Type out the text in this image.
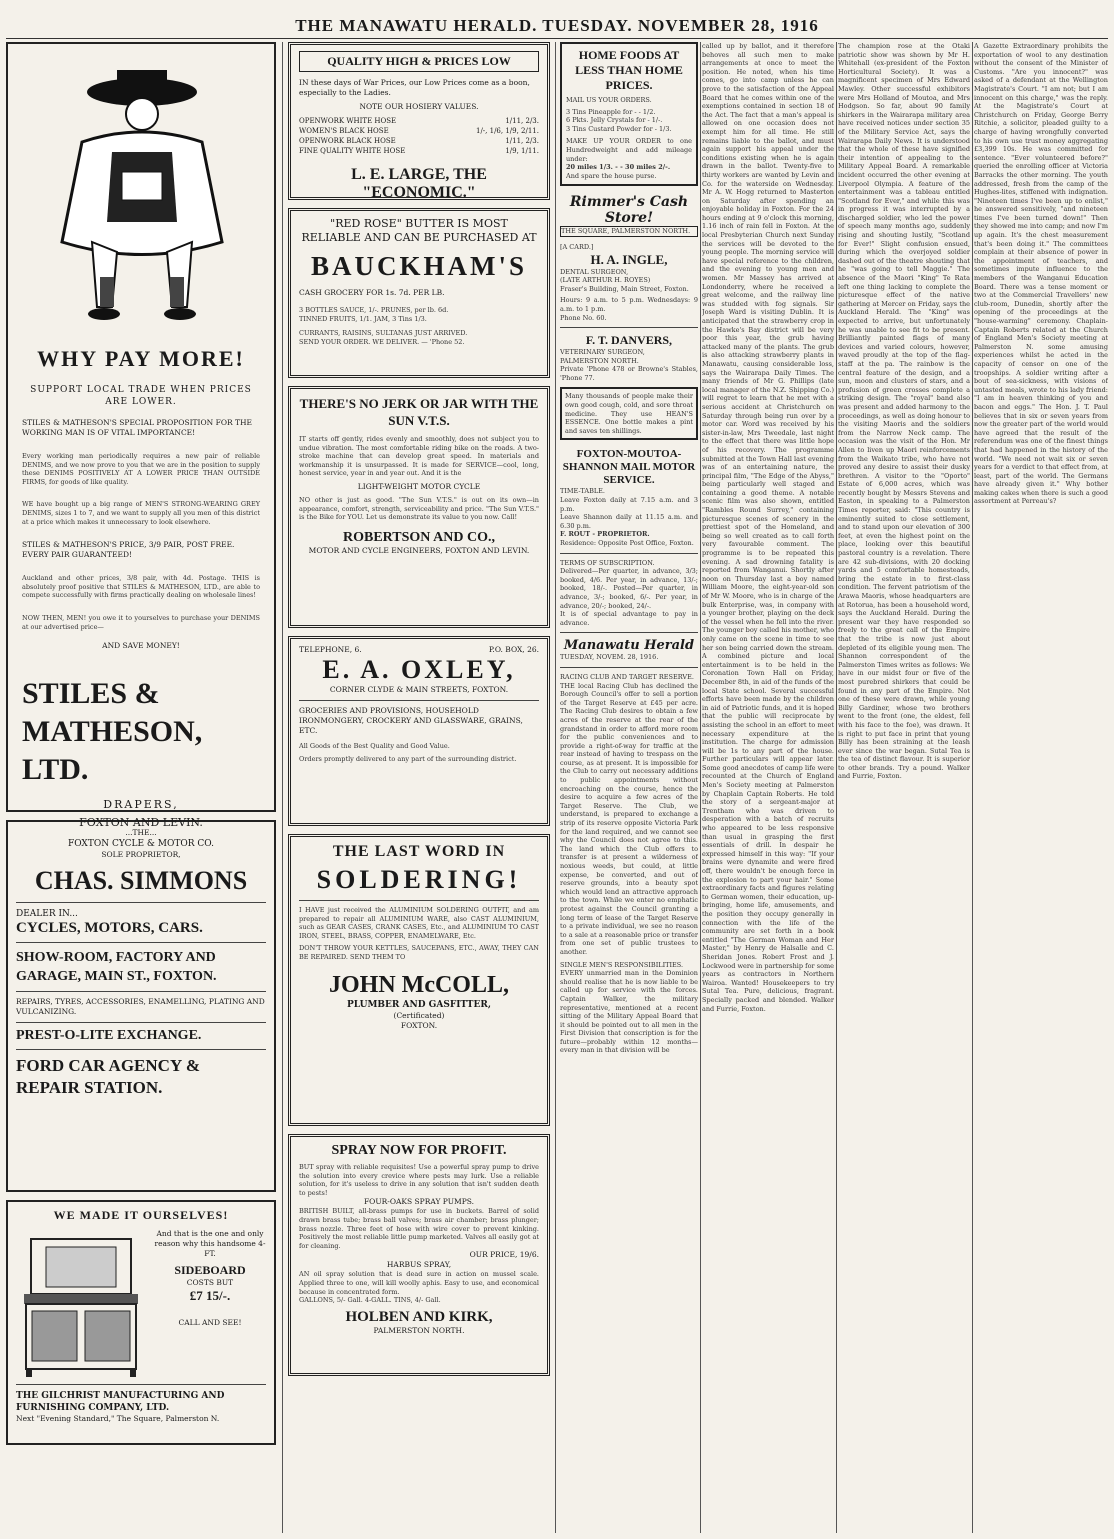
THE MANAWATU HERALD. TUESDAY. NOVEMBER 28, 1916
WHY PAY MORE!
SUPPORT LOCAL TRADE WHEN PRICES ARE LOWER.
STILES & MATHESON'S SPECIAL PROPOSITION FOR THE WORKING MAN IS OF VITAL IMPORTANCE!
Every working man periodically requires a new pair of reliable DENIMS, and we now prove to you that we are in the position to supply these DENIMS POSITIVELY AT A LOWER PRICE THAN OUTSIDE FIRMS, for goods of like quality.
WE have bought up a big range of MEN'S STRONG-WEARING GREY DENIMS, sizes 1 to 7, and we want to supply all you men of this district at a price which makes it unnecessary to look elsewhere.
STILES & MATHESON'S PRICE, 3/9 PAIR, POST FREE. EVERY PAIR GUARANTEED!
Auckland and other prices, 3/8 pair, with 4d. Postage. THIS is absolutely proof positive that STILES & MATHESON, LTD., are able to compete successfully with firms practically dealing on wholesale lines!
NOW THEN, MEN! you owe it to yourselves to purchase your DENIMS at our advertised price—
AND SAVE MONEY!
STILES & MATHESON, LTD.
DRAPERS,
FOXTON AND LEVIN.
...THE...
FOXTON CYCLE & MOTOR CO.
SOLE PROPRIETOR,
CHAS. SIMMONS
DEALER IN...
CYCLES, MOTORS, CARS.
SHOW-ROOM, FACTORY AND GARAGE, MAIN ST., FOXTON.
REPAIRS, TYRES, ACCESSORIES, ENAMELLING, PLATING AND VULCANIZING.
PREST-O-LITE EXCHANGE.
FORD CAR AGENCY & REPAIR STATION.
WE MADE IT OURSELVES!
And that is the one and only reason why this handsome 4-FT.
SIDEBOARD
COSTS BUT
£7 15/-.
CALL AND SEE!
THE GILCHRIST MANUFACTURING AND FURNISHING COMPANY, LTD.
Next "Evening Standard," The Square, Palmerston N.
QUALITY HIGH & PRICES LOW
IN these days of War Prices, our Low Prices come as a boon, especially to the Ladies.
NOTE OUR HOSIERY VALUES.
OPENWORK WHITE HOSE	1/11, 2/3.
WOMEN'S BLACK HOSE	1/-, 1/6, 1/9, 2/11.
OPENWORK BLACK HOSE	1/11, 2/3.
FINE QUALITY WHITE HOSE	1/9, 1/11.
L. E. LARGE, THE "ECONOMIC."
"RED ROSE" BUTTER IS MOST RELIABLE AND CAN BE PURCHASED AT
BAUCKHAM'S
CASH GROCERY FOR 1s. 7d. PER LB.
3 BOTTLES SAUCE, 1/-. PRUNES, per lb. 6d.
TINNED FRUITS, 1/1. JAM, 3 Tins 1/3.
CURRANTS, RAISINS, SULTANAS JUST ARRIVED.
SEND YOUR ORDER. WE DELIVER. — 'Phone 52.
THERE'S NO JERK OR JAR WITH THE SUN V.T.S.
IT starts off gently, rides evenly and smoothly, does not subject you to undue vibration. The most comfortable riding bike on the roads. A two-stroke machine that can develop great speed. In materials and workmanship it is unsurpassed. It is made for SERVICE—cool, long, honest service, year in and year out. And it is the
LIGHT-WEIGHT MOTOR CYCLE
NO other is just as good. "The Sun V.T.S." is out on its own—in appearance, comfort, strength, serviceability and price. "The Sun V.T.S." is the Bike for YOU. Let us demonstrate its value to you now. Call!
ROBERTSON AND CO.,
MOTOR AND CYCLE ENGINEERS, FOXTON AND LEVIN.
TELEPHONE, 6.	P.O. BOX, 26.
E. A. OXLEY,
CORNER CLYDE & MAIN STREETS, FOXTON.
GROCERIES AND PROVISIONS, HOUSEHOLD IRONMONGERY, CROCKERY AND GLASSWARE, GRAINS, ETC.
All Goods of the Best Quality and Good Value.
Orders promptly delivered to any part of the surrounding district.
THE LAST WORD IN
SOLDERING!
I HAVE just received the ALUMINIUM SOLDERING OUTFIT, and am prepared to repair all ALUMINIUM WARE, also CAST ALUMINIUM, such as GEAR CASES, CRANK CASES, Etc., and ALUMINIUM TO CAST IRON, STEEL, BRASS, COPPER, ENAMELWARE, Etc.
DON'T THROW YOUR KETTLES, SAUCEPANS, ETC., AWAY, THEY CAN BE REPAIRED. SEND THEM TO
JOHN McCOLL,
PLUMBER AND GASFITTER,
(Certificated)
FOXTON.
SPRAY NOW FOR PROFIT.
BUT spray with reliable requisites! Use a powerful spray pump to drive the solution into every crevice where pests may lurk. Use a reliable solution, for it's useless to drive in any solution that isn't sudden death to pests!
FOUR-OAKS SPRAY PUMPS.
BRITISH BUILT, all-brass pumps for use in buckets. Barrel of solid drawn brass tube; brass ball valves; brass air chamber; brass plunger; brass nozzle. Three feet of hose with wire cover to prevent kinking. Positively the most reliable little pump marketed. Valves all easily got at for cleaning.
OUR PRICE, 19/6.
HARBUS SPRAY,
AN oil spray solution that is dead sure in action on mussel scale. Applied three to one, will kill woolly aphis. Easy to use, and economical because in concentrated form.
GALLONS, 5/- Gall. 4-GALL. TINS, 4/- Gall.
HOLBEN AND KIRK,
PALMERSTON NORTH.
HOME FOODS AT LESS THAN HOME PRICES.
MAIL US YOUR ORDERS.
3 Tins Pineapple for - - 1/2.
6 Pkts. Jelly Crystals for - 1/-.
3 Tins Custard Powder for - 1/3.
MAKE UP YOUR ORDER to one Hundredweight and add mileage under:
20 miles 1/3. - - 30 miles 2/-.
And spare the house purse.
Rimmer's Cash Store!
THE SQUARE, PALMERSTON NORTH.
[A CARD.]
H. A. INGLE,
DENTAL SURGEON,
(LATE ARTHUR H. ROYES)
Fraser's Building, Main Street, Foxton.
Hours: 9 a.m. to 5 p.m. Wednesdays: 9 a.m. to 1 p.m.
Phone No. 60.
F. T. DANVERS,
VETERINARY SURGEON,
PALMERSTON NORTH.
Private 'Phone 478 or Browne's Stables, 'Phone 77.
Many thousands of people make their own good cough, cold, and sore throat medicine. They use HEAN'S ESSENCE. One bottle makes a pint and saves ten shillings.
FOXTON-MOUTOA-SHANNON MAIL MOTOR SERVICE.
TIME-TABLE.
Leave Foxton daily at 7.15 a.m. and 3 p.m.
Leave Shannon daily at 11.15 a.m. and 6.30 p.m.
F. ROUT - PROPRIETOR.
Residence: Opposite Post Office, Foxton.
TERMS OF SUBSCRIPTION.
Delivered—Per quarter, in advance, 3/3; booked, 4/6. Per year, in advance, 13/-; booked, 18/-. Posted—Per quarter, in advance, 3/-; booked, 6/-. Per year, in advance, 20/-; booked, 24/-.
It is of special advantage to pay in advance.
Manawatu Herald
TUESDAY, NOVEM. 28, 1916.
RACING CLUB AND TARGET RESERVE.
THE local Racing Club has declined the Borough Council's offer to sell a portion of the Target Reserve at £45 per acre. The Racing Club desires to obtain a few acres of the reserve at the rear of the grandstand in order to afford more room for the public conveniences and to provide a right-of-way for traffic at the rear instead of having to trespass on the course, as at present. It is impossible for the Club to carry out necessary additions to public appointments without encroaching on the course, hence the desire to acquire a few acres of the Target Reserve. The Club, we understand, is prepared to exchange a strip of its reserve opposite Victoria Park for the land required, and we cannot see why the Council does not agree to this. The land which the Club offers to transfer is at present a wilderness of noxious weeds, but could, at little expense, be converted, and out of reserve grounds, into a beauty spot which would lend an attractive approach to the town. While we enter no emphatic protest against the Council granting a long term of lease of the Target Reserve to a private individual, we see no reason to a sale at a reasonable price or transfer from one set of public trustees to another.
SINGLE MEN'S RESPONSIBILITIES.
EVERY unmarried man in the Dominion should realise that he is now liable to be called up for service with the forces. Captain Walker, the military representative, mentioned at a recent sitting of the Military Appeal Board that it should be pointed out to all men in the First Division that conscription is for the future—probably within 12 months—every man in that division will be
called up by ballot, and it therefore behoves all such men to make arrangements at once to meet the position. He noted, when his time comes, go into camp unless he can prove to the satisfaction of the Appeal Board that he comes within one of the exemptions contained in section 18 of the Act. The fact that a man's appeal is allowed on one occasion does not exempt him for all time. He still remains liable to the ballot, and must again support his appeal under the conditions existing when he is again drawn in the ballot. Twenty-five to thirty workers are wanted by Levin and Co. for the waterside on Wednesday. Mr A. W. Hogg returned to Masterton on Saturday after spending an enjoyable holiday in Foxton. For the 24 hours ending at 9 o'clock this morning, 1.16 inch of rain fell in Foxton. At the local Presbyterian Church next Sunday the services will be devoted to the young people. The morning service will have special reference to the children, and the evening to young men and women. Mr Massey has arrived at Londonderry, where he received a great welcome, and the railway line was studded with fog signals. Sir Joseph Ward is visiting Dublin. It is anticipated that the strawberry crop in the Hawke's Bay district will be very poor this year, the grub having attacked many of the plants. The grub is also attacking strawberry plants in Manawatu, causing considerable loss, says the Wairarapa Daily Times. The many friends of Mr G. Phillips (late local manager of the N.Z. Shipping Co.) will regret to learn that he met with a serious accident at Christchurch on Saturday through being run over by a motor car. Word was received by his sister-in-law, Mrs Tweedale, last night to the effect that there was little hope of his recovery. The programme submitted at the Town Hall last evening was of an entertaining nature, the principal film, "The Edge of the Abyss," being particularly well staged and containing a good theme. A notable scenic film was also shown, entitled "Rambles Round Surrey," containing picturesque scenes of scenery in the prettiest spot of the Homeland, and being so well created as to call forth very favourable comment. The programme is to be repeated this evening. A sad drowning fatality is reported from Wanganui. Shortly after noon on Thursday last a boy named William Moore, the eight-year-old son of Mr W. Moore, who is in charge of the bulk Enterprise, was, in company with a younger brother, playing on the deck of the vessel when he fell into the river. The younger boy called his mother, who only came on the scene in time to see her son being carried down the stream. A combined picture and local entertainment is to be held in the Coronation Town Hall on Friday, December 8th, in aid of the funds of the local State school. Several successful efforts have been made by the children in aid of Patriotic funds, and it is hoped that the public will reciprocate by assisting the school in an effort to meet necessary expenditure at the institution. The charge for admission will be 1s to any part of the house. Further particulars will appear later. Some good anecdotes of camp life were recounted at the Church of England Men's Society meeting at Palmerston by Chaplain Captain Roberts. He told the story of a sergeant-major at Trentham who was driven to desperation with a batch of recruits who appeared to be less responsive than usual in grasping the first essentials of drill. In despair he expressed himself in this way: "If your brains were dynamite and were fired off, there wouldn't be enough force in the explosion to part your hair." Some extraordinary facts and figures relating to German women, their education, up-bringing, home life, amusements, and the position they occupy generally in connection with the life of the community are set forth in a book entitled "The German Woman and Her Master," by Henry de Halsalle and C. Sheridan Jones. Robert Frost and J. Lockwood were in partnership for some years as contractors in Northern Wairoa. Wanted! Housekeepers to try Sutal Tea. Pure, delicious, fragrant. Specially packed and blended. Walker and Furrie, Foxton.
The champion rose at the Otaki patriotic show was shown by Mr H. Whitehall (ex-president of the Foxton Horticultural Society). It was a magnificent specimen of Mrs Edward Mawley. Other successful exhibitors were Mrs Holland of Moutoa, and Mrs Hodgson. So far, about 90 family shirkers in the Wairarapa military area have received notices under section 35 of the Military Service Act, says the Wairarapa Daily News. It is understood that the whole of these have signified their intention of appealing to the Military Appeal Board. A remarkable incident occurred the other evening at Liverpool Olympia. A feature of the entertainment was a tableau entitled "Scotland for Ever," and while this was in progress it was interrupted by a discharged soldier, who led the power of speech many months ago, suddenly rising and shouting lustily, "Scotland for Ever!" Slight confusion ensued, during which the overjoyed soldier dashed out of the theatre shouting that he "was going to tell Maggie." The absence of the Maori "King" Te Rata left one thing lacking to complete the picturesque effect of the native gathering at Mercer on Friday, says the Auckland Herald. The "King" was expected to arrive, but unfortunately he was unable to see fit to be present. Brilliantly painted flags of many devices and varied colours, however, waved proudly at the top of the flag-staff at the pa. The rainbow is the central feature of the design, and a sun, moon and clusters of stars, and a profusion of green crosses complete a striking design. The "royal" band also was present and added harmony to the proceedings, as well as doing honour to the visiting Maoris and the soldiers from the Narrow Neck camp. The occasion was the visit of the Hon. Mr Allen to liven up Maori reinforcements from the Waikato tribe, who have not proved any desire to assist their dusky brethren. A visitor to the "Oporto" Estate of 6,000 acres, which was recently bought by Messrs Stevens and Easton, in speaking to a Palmerston Times reporter, said: "This country is eminently suited to close settlement, and to stand upon our elevation of 300 feet, at even the highest point on the place, looking over this beautiful pastoral country is a revelation. There are 42 sub-divisions, with 20 docking yards and 5 comfortable homesteads, bring the estate in to first-class condition. The fervent patriotism of the Arawa Maoris, whose headquarters are at Rotorua, has been a household word, says the Auckland Herald. During the present war they have responded so freely to the great call of the Empire that the tribe is now just about depleted of its eligible young men. The Shannon correspondent of the Palmerston Times writes as follows: We have in our midst four or five of the most purebred shirkers that could be found in any part of the Empire. Not one of these were drawn, while young Billy Gardiner, whose two brothers went to the front (one, the eldest, fell with his face to the foe), was drawn. It is right to put face in print that young Billy has been straining at the leash ever since the war began. Sutal Tea is the tea of distinct flavour. It is superior to other brands. Try a pound. Walker and Furrie, Foxton.
A Gazette Extraordinary prohibits the exportation of wool to any destination without the consent of the Minister of Customs. "Are you innocent?" was asked of a defendant at the Wellington Magistrate's Court. "I am not; but I am innocent on this charge," was the reply. At the Magistrate's Court at Christchurch on Friday, George Berry Ritchie, a solicitor, pleaded guilty to a charge of having wrongfully converted to his own use trust money aggregating £3,399 10s. He was committed for sentence. "Ever volunteered before?" queried the enrolling officer at Victoria Barracks the other morning. The youth addressed, fresh from the camp of the Hughes-lites, stiffened with indignation. "Nineteen times I've been up to enlist," he answered sensitively, "and nineteen times I've been turned down!" Then they showed me into camp; and now I'm up again. It's the chest measurement that's been doing it." The committees complain at their absence of power in the appointment of teachers, and sometimes impute influence to the members of the Wanganui Education Board. There was a tense moment or two at the Commercial Travellers' new club-room, Dunedin, shortly after the opening of the proceedings at the "house-warming" ceremony. Chaplain-Captain Roberts related at the Church of England Men's Society meeting at Palmerston N. some amusing experiences whilst he acted in the capacity of censor on one of the troopships. A soldier writing after a bout of sea-sickness, with visions of untasted meals, wrote to his lady friend: "I am in heaven thinking of you and bacon and eggs." The Hon. J. T. Paul believes that in six or seven years from now the greater part of the world would have agreed that the result of the referendum was one of the finest things that had happened in the history of the world. "We need not wait six or seven years for a verdict to that effect from, at least, part of the world. The Germans have already given it." Why bother making cakes when there is such a good assortment at Perreau's?
